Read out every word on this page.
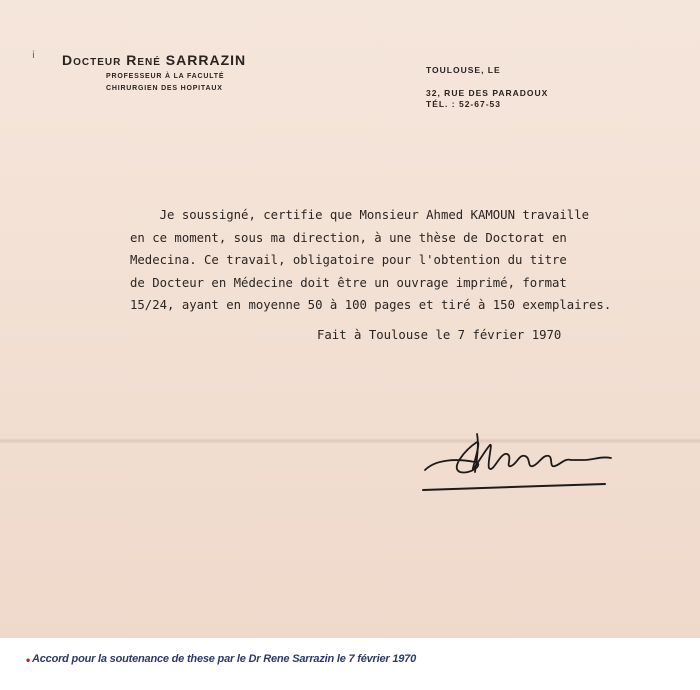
ⅰ Docteur René SARRAZIN
PROFESSEUR À LA FACULTÉ
CHIRURGIEN DES HOPITAUX
TOULOUSE, LE
32, RUE DES PARADOUX
TÉL. : 52-67-53
Je soussigné, certifie que Monsieur Ahmed KAMOUN travaille
en ce moment, sous ma direction, à une thèse de Doctorat en
Medecina. Ce travail, obligatoire pour l'obtention du titre
de Docteur en Médecine doit être un ouvrage imprimé, format
15/24, ayant en moyenne 50 à 100 pages et tiré à 150 exemplaires.
Fait à Toulouse le 7 février 1970
• Accord pour la soutenance de these par le Dr Rene Sarrazin le 7 février 1970
